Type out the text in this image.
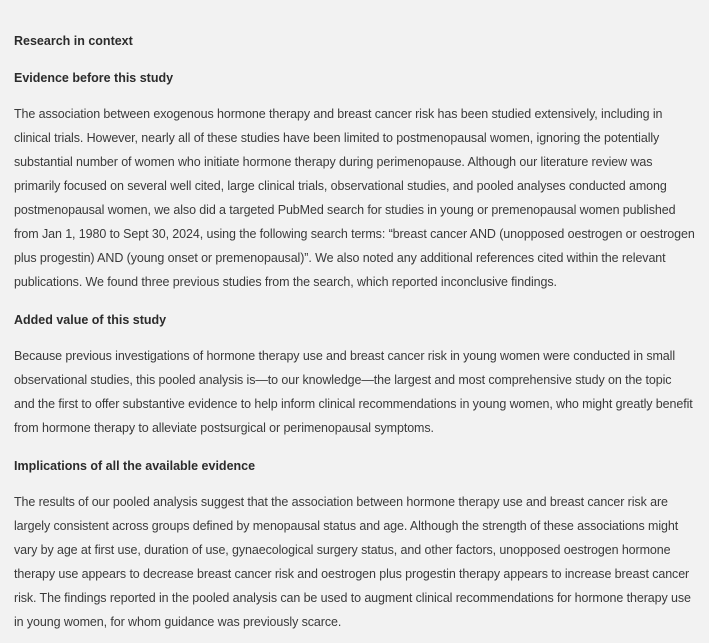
Research in context
Evidence before this study

The association between exogenous hormone therapy and breast cancer risk has been studied extensively, including in clinical trials. However, nearly all of these studies have been limited to postmenopausal women, ignoring the potentially substantial number of women who initiate hormone therapy during perimenopause. Although our literature review was primarily focused on several well cited, large clinical trials, observational studies, and pooled analyses conducted among postmenopausal women, we also did a targeted PubMed search for studies in young or premenopausal women published from Jan 1, 1980 to Sept 30, 2024, using the following search terms: “breast cancer AND (unopposed oestrogen or oestrogen plus progestin) AND (young onset or premenopausal)”. We also noted any additional references cited within the relevant publications. We found three previous studies from the search, which reported inconclusive findings.

Added value of this study

Because previous investigations of hormone therapy use and breast cancer risk in young women were conducted in small observational studies, this pooled analysis is—to our knowledge—the largest and most comprehensive study on the topic and the first to offer substantive evidence to help inform clinical recommendations in young women, who might greatly benefit from hormone therapy to alleviate postsurgical or perimenopausal symptoms.

Implications of all the available evidence

The results of our pooled analysis suggest that the association between hormone therapy use and breast cancer risk are largely consistent across groups defined by menopausal status and age. Although the strength of these associations might vary by age at first use, duration of use, gynaecological surgery status, and other factors, unopposed oestrogen hormone therapy use appears to decrease breast cancer risk and oestrogen plus progestin therapy appears to increase breast cancer risk. The findings reported in the pooled analysis can be used to augment clinical recommendations for hormone therapy use in young women, for whom guidance was previously scarce.
